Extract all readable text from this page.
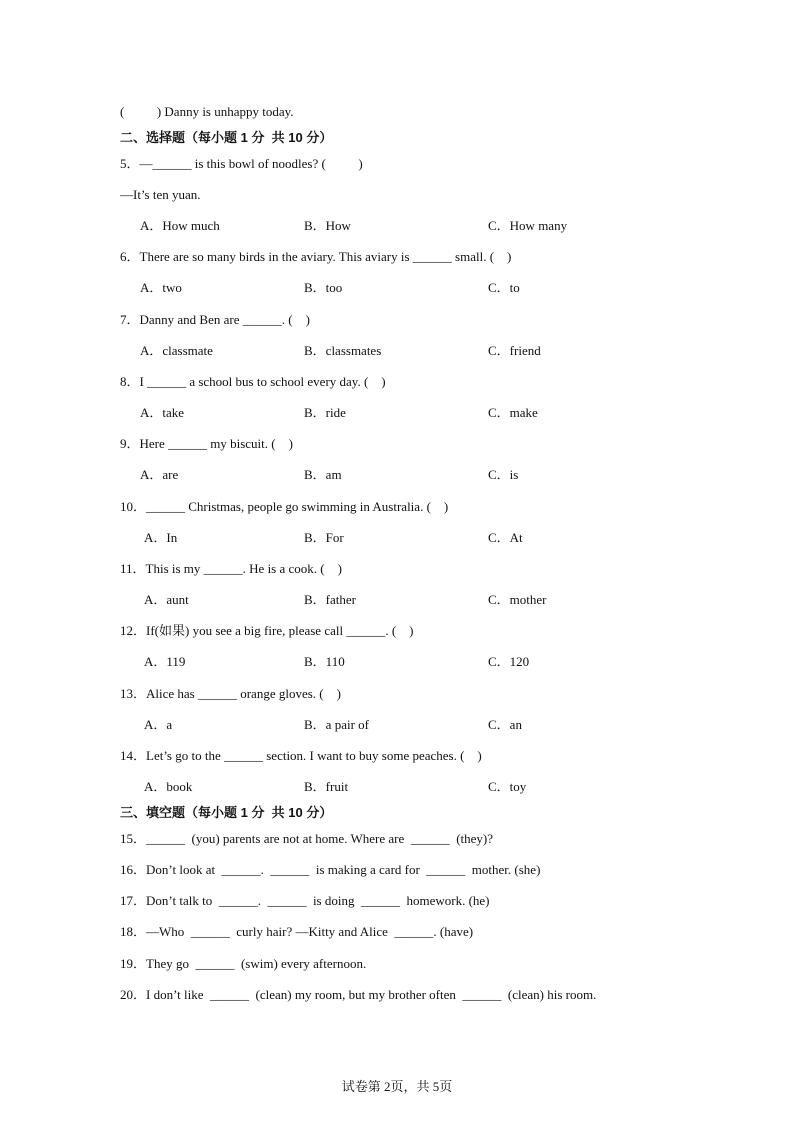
(          ) Danny is unhappy today.
二、选择题（每小题 1 分  共 10 分）
5．—______ is this bowl of noodles? (          )
—It’s ten yuan.
A．How much	B．How	C．How many
6．There are so many birds in the aviary. This aviary is ______ small. (    )
A．two	B．too	C．to
7．Danny and Ben are ______. (    )
A．classmate	B．classmates	C．friend
8．I ______ a school bus to school every day. (    )
A．take	B．ride	C．make
9．Here ______ my biscuit. (    )
A．are	B．am	C．is
10．______ Christmas, people go swimming in Australia. (    )
A．In	B．For	C．At
11．This is my ______. He is a cook. (    )
A．aunt	B．father	C．mother
12．If(如果) you see a big fire, please call ______. (    )
A．119	B．110	C．120
13．Alice has ______ orange gloves. (    )
A．a	B．a pair of	C．an
14．Let’s go to the ______ section. I want to buy some peaches. (    )
A．book	B．fruit	C．toy
三、填空题（每小题 1 分  共 10 分）
15．______  (you) parents are not at home. Where are  ______  (they)?
16．Don’t look at  ______.  ______  is making a card for  ______  mother. (she)
17．Don’t talk to  ______.  ______  is doing  ______  homework. (he)
18．—Who  ______  curly hair? —Kitty and Alice  ______. (have)
19．They go  ______  (swim) every afternoon.
20．I don’t like  ______  (clean) my room, but my brother often  ______  (clean) his room.
试卷第 2页，共 5页
